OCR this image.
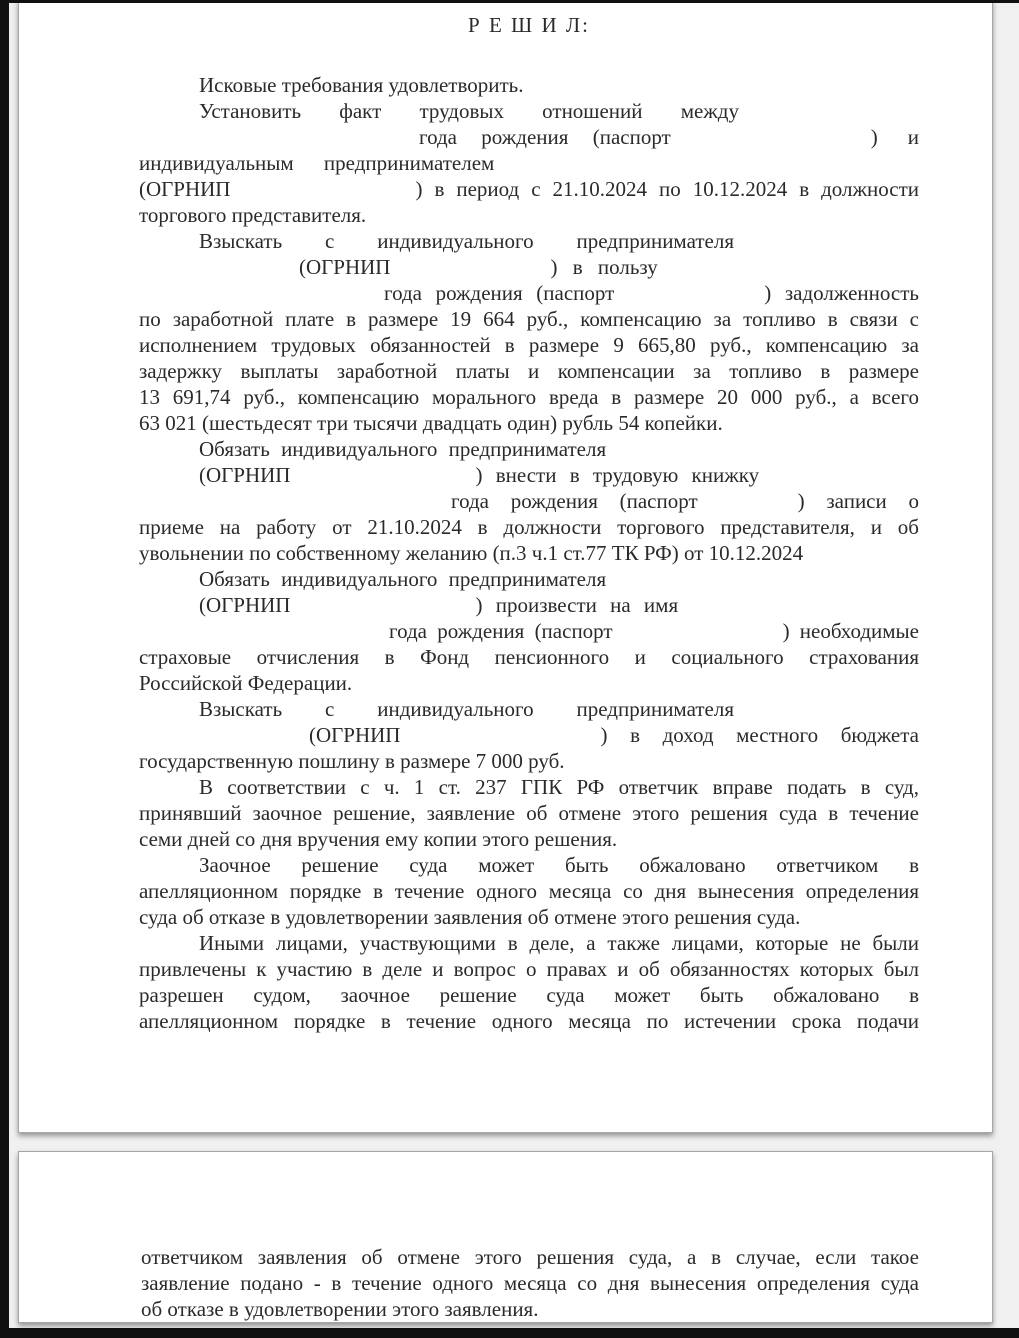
Р Е Ш И Л:
Исковые требования удовлетворить.
Установить факт трудовых отношений между
года рождения (паспорт	) и
индивидуальным предпринимателем
(ОГРНИП	) в период с 21.10.2024 по 10.12.2024 в должности
торгового представителя.
Взыскать с индивидуального предпринимателя
(ОГРНИП	) в пользу
года рождения (паспорт	) задолженность
по заработной плате в размере 19 664 руб., компенсацию за топливо в связи с
исполнением трудовых обязанностей в размере 9 665,80 руб., компенсацию за
задержку выплаты заработной платы и компенсации за топливо в размере
13 691,74 руб., компенсацию морального вреда в размере 20 000 руб., а всего
63 021 (шестьдесят три тысячи двадцать один) рубль 54 копейки.
Обязать индивидуального предпринимателя
(ОГРНИП	) внести в трудовую книжку
года рождения (паспорт	) записи о
приеме на работу от 21.10.2024 в должности торгового представителя, и об
увольнении по собственному желанию (п.3 ч.1 ст.77 ТК РФ) от 10.12.2024
Обязать индивидуального предпринимателя
(ОГРНИП	) произвести на имя
года рождения (паспорт	) необходимые
страховые отчисления в Фонд пенсионного и социального страхования
Российской Федерации.
Взыскать с индивидуального предпринимателя
(ОГРНИП	) в доход местного бюджета
государственную пошлину в размере 7 000 руб.
В соответствии с ч. 1 ст. 237 ГПК РФ ответчик вправе подать в суд,
принявший заочное решение, заявление об отмене этого решения суда в течение
семи дней со дня вручения ему копии этого решения.
Заочное решение суда может быть обжаловано ответчиком в
апелляционном порядке в течение одного месяца со дня вынесения определения
суда об отказе в удовлетворении заявления об отмене этого решения суда.
Иными лицами, участвующими в деле, а также лицами, которые не были
привлечены к участию в деле и вопрос о правах и об обязанностях которых был
разрешен судом, заочное решение суда может быть обжаловано в
апелляционном порядке в течение одного месяца по истечении срока подачи
ответчиком заявления об отмене этого решения суда, а в случае, если такое
заявление подано - в течение одного месяца со дня вынесения определения суда
об отказе в удовлетворении этого заявления.
